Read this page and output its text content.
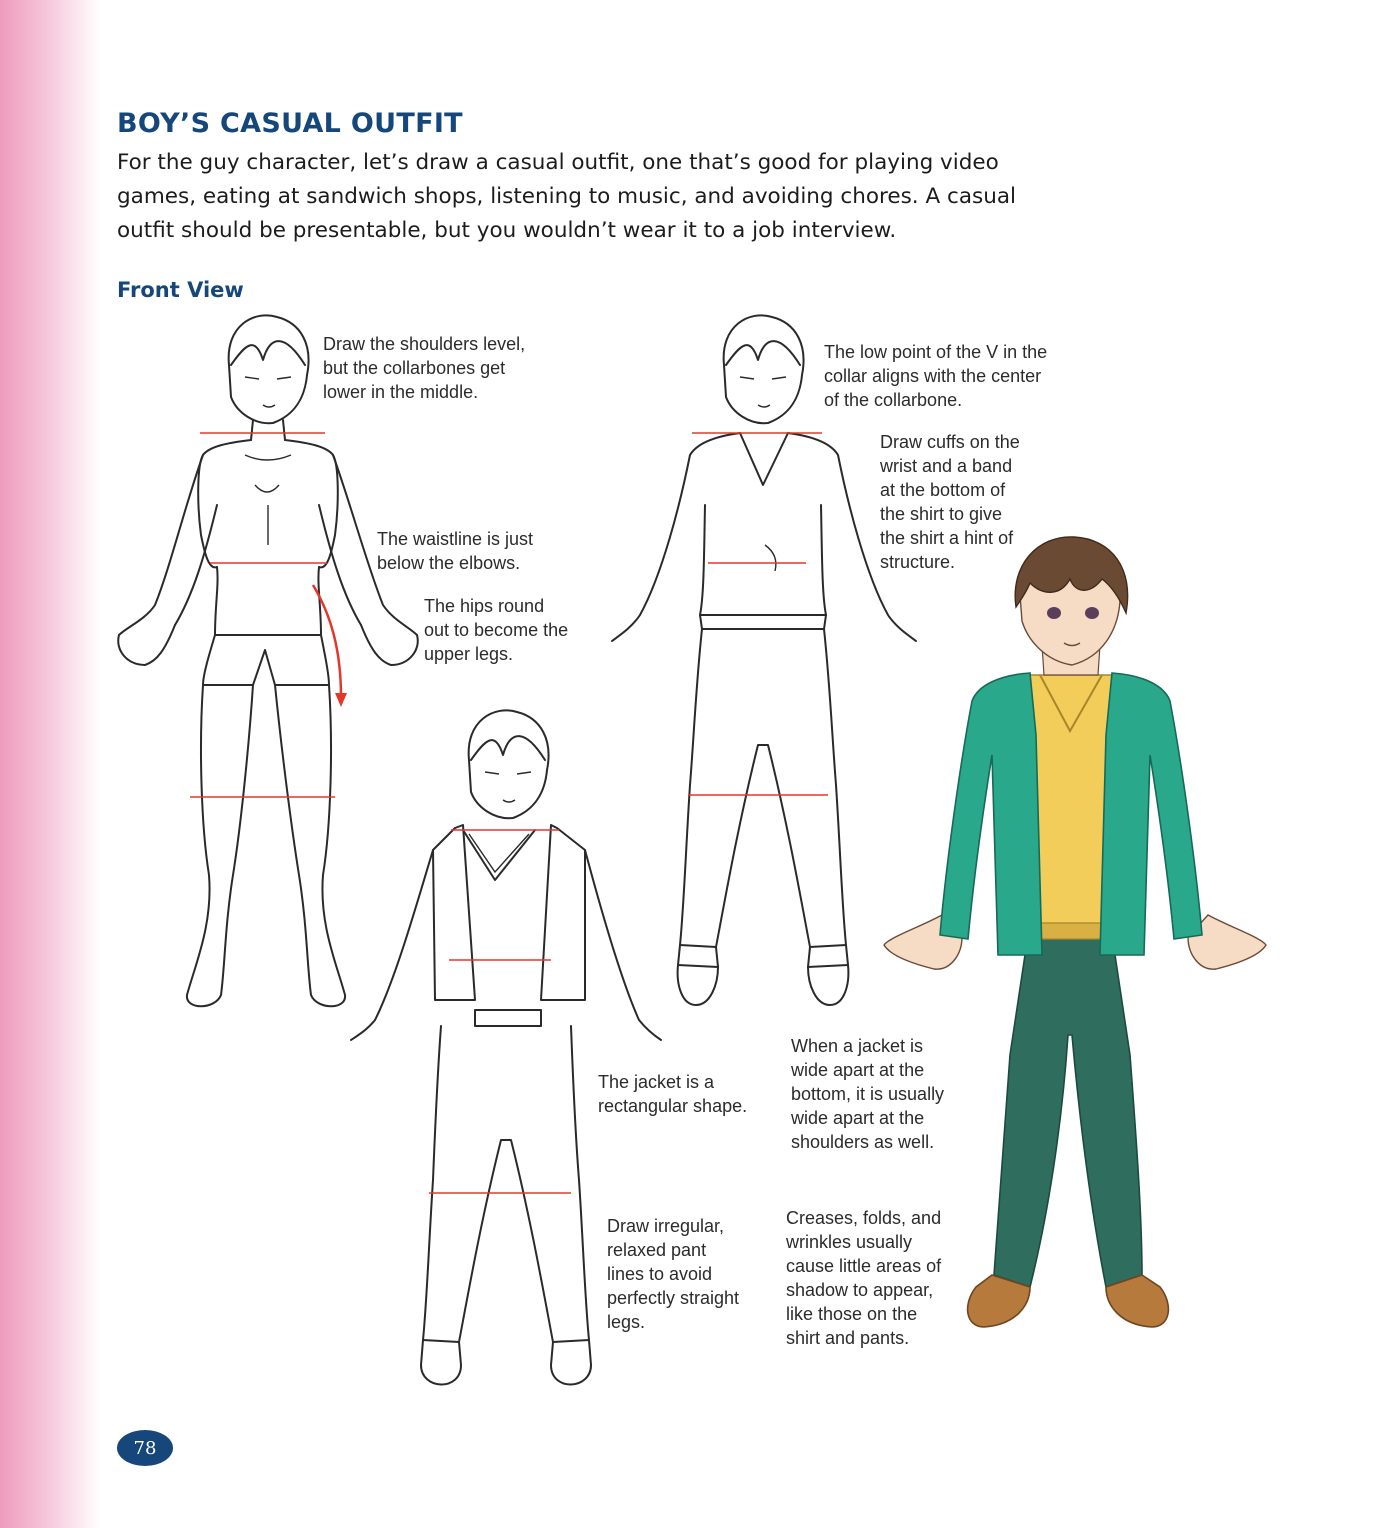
BOY’S CASUAL OUTFIT

For the guy character, let’s draw a casual outfit, one that’s good for playing video games, eating at sandwich shops, listening to music, and avoiding chores. A casual outfit should be presentable, but you wouldn’t wear it to a job interview.

Front View

Draw the shoulders level,
but the collarbones get
lower in the middle.

The waistline is just
below the elbows.

The hips round
out to become the
upper legs.

The low point of the V in the
collar aligns with the center
of the collarbone.

Draw cuffs on the
wrist and a band
at the bottom of
the shirt to give
the shirt a hint of
structure.

The jacket is a
rectangular shape.

When a jacket is
wide apart at the
bottom, it is usually
wide apart at the
shoulders as well.

Draw irregular,
relaxed pant
lines to avoid
perfectly straight
legs.

Creases, folds, and
wrinkles usually
cause little areas of
shadow to appear,
like those on the
shirt and pants.

78
